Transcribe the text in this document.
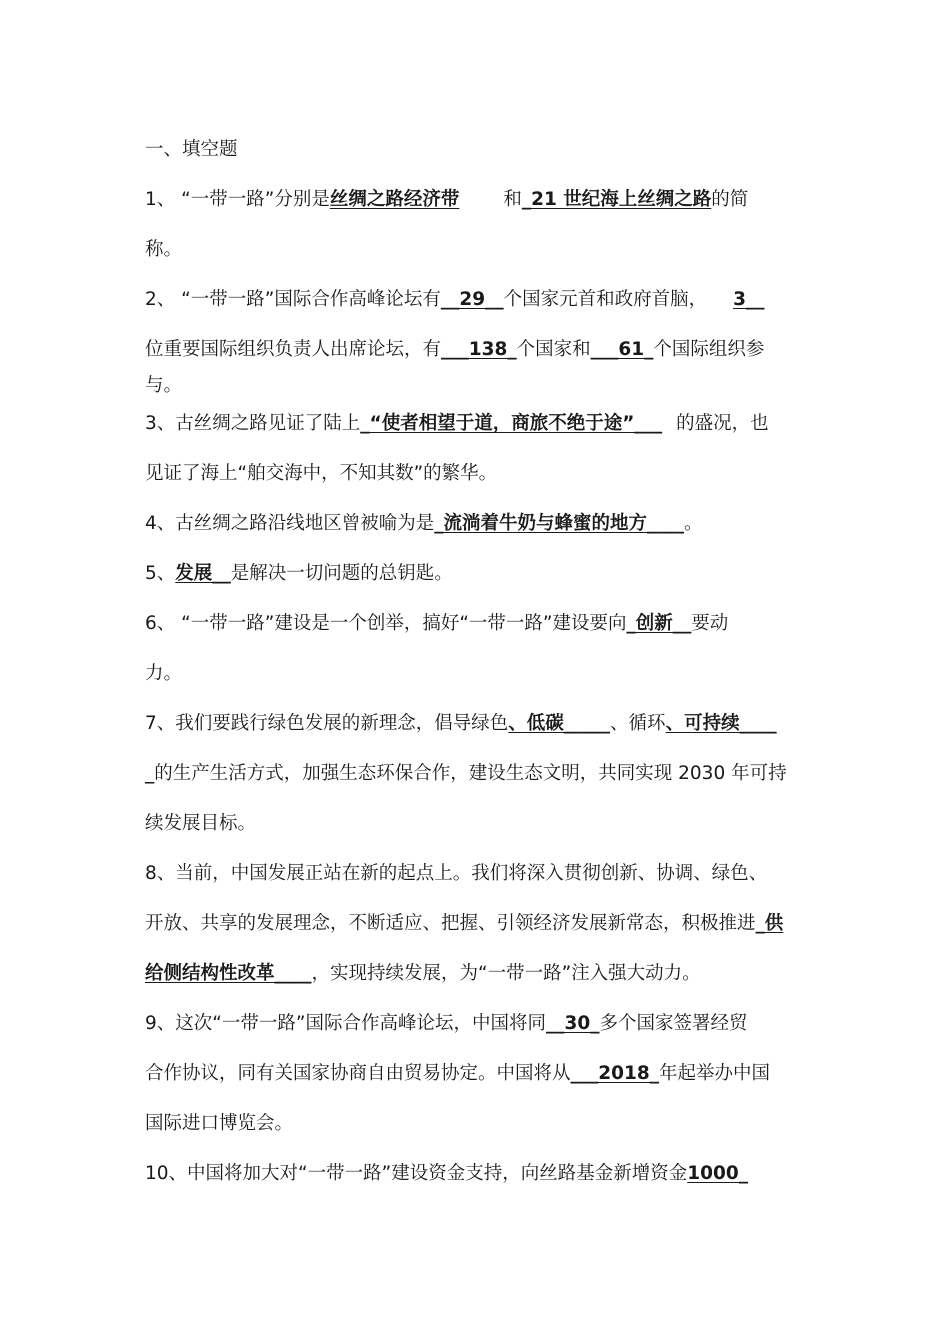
一、填空题
1、 “一带一路”分别是丝绸之路经济带 和_21 世纪海上丝绸之路的简
称。
2、 “一带一路”国际合作高峰论坛有__29__个国家元首和政府首脑， 3__
位重要国际组织负责人出席论坛，有___138_个国家和___61_个国际组织参
与。
3、古丝绸之路见证了陆上_“使者相望于道，商旅不绝于途”___ 的盛况，也
见证了海上“舶交海中，不知其数”的繁华。
4、古丝绸之路沿线地区曾被喻为是_流淌着牛奶与蜂蜜的地方____。
5、发展__是解决一切问题的总钥匙。
6、 “一带一路”建设是一个创举，搞好“一带一路”建设要向_创新__要动
力。
7、我们要践行绿色发展的新理念，倡导绿色、低碳_____、循环、可持续____
_的生产生活方式，加强生态环保合作，建设生态文明，共同实现 2030 年可持
续发展目标。
8、当前，中国发展正站在新的起点上。我们将深入贯彻创新、协调、绿色、
开放、共享的发展理念，不断适应、把握、引领经济发展新常态，积极推进_供
给侧结构性改革____，实现持续发展，为“一带一路”注入强大动力。
9、这次“一带一路”国际合作高峰论坛，中国将同__30_多个国家签署经贸
合作协议，同有关国家协商自由贸易协定。中国将从___2018_年起举办中国
国际进口博览会。
10、中国将加大对“一带一路”建设资金支持，向丝路基金新增资金1000_
